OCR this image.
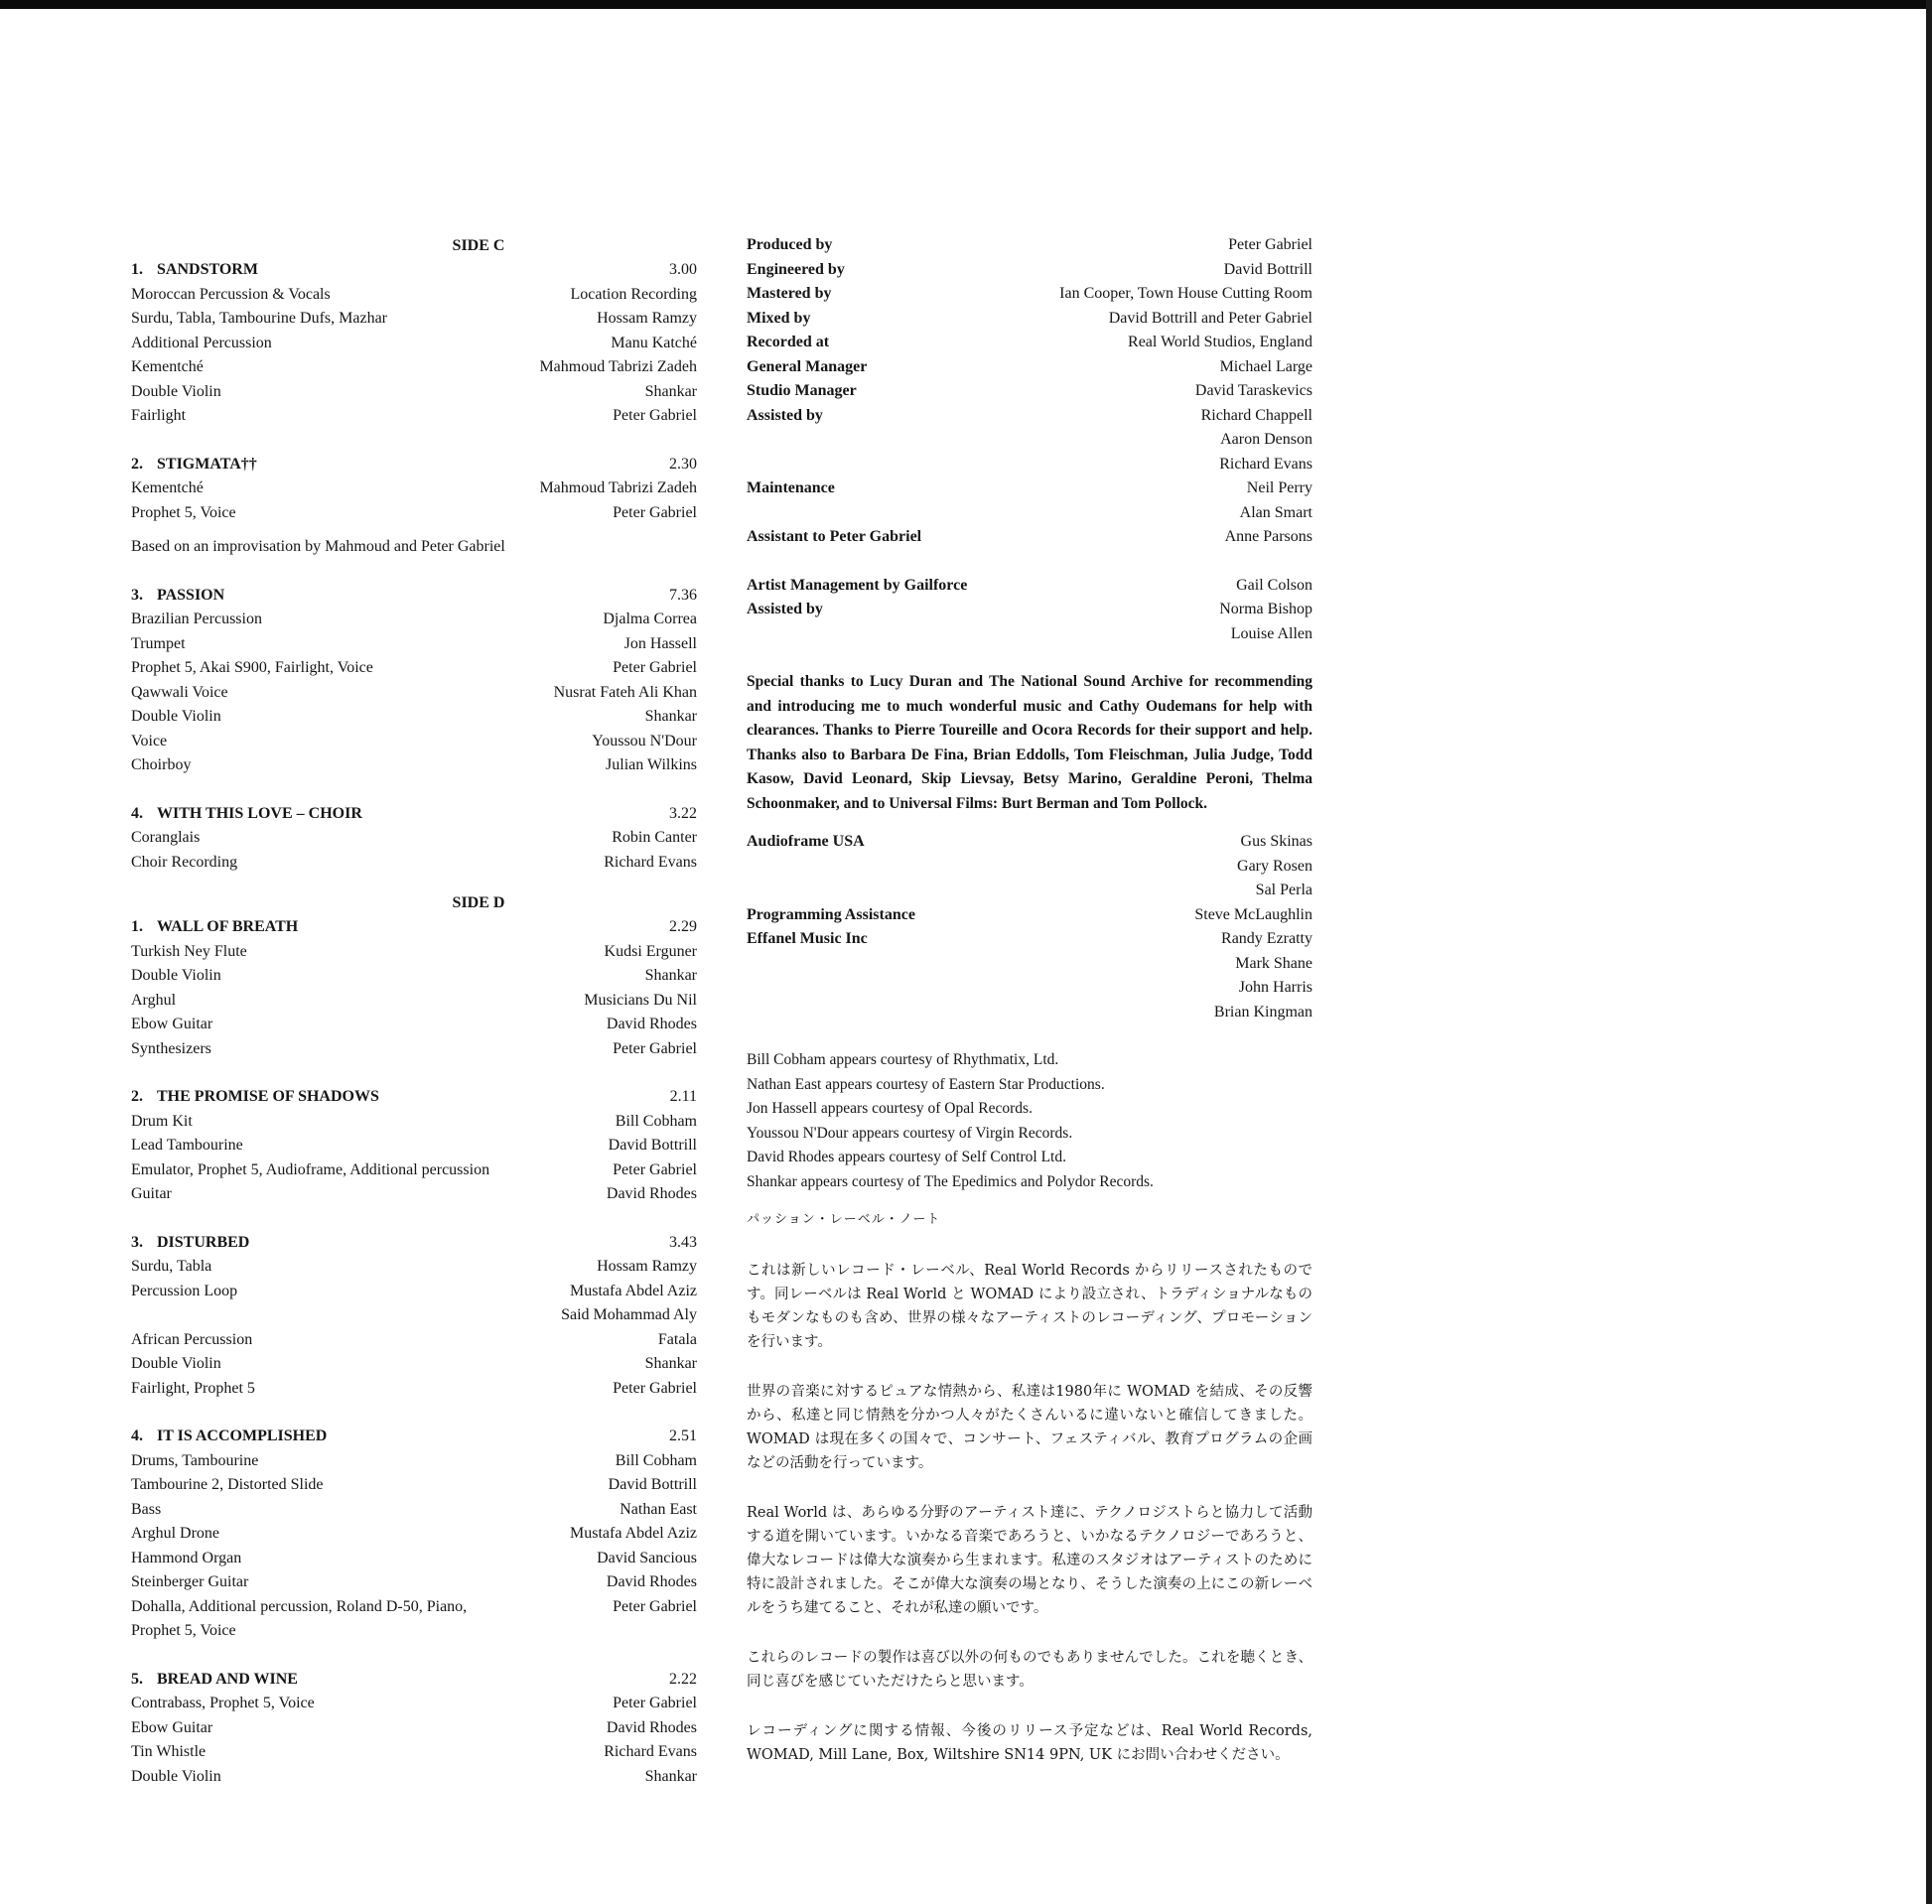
SIDE C
1. SANDSTORM	3.00
Moroccan Percussion & Vocals	Location Recording
Surdu, Tabla, Tambourine Dufs, Mazhar	Hossam Ramzy
Additional Percussion	Manu Katché
Kementché	Mahmoud Tabrizi Zadeh
Double Violin	Shankar
Fairlight	Peter Gabriel
2. STIGMATA††	2.30
Kementché	Mahmoud Tabrizi Zadeh
Prophet 5, Voice	Peter Gabriel
Based on an improvisation by Mahmoud and Peter Gabriel
3. PASSION	7.36
Brazilian Percussion	Djalma Correa
Trumpet	Jon Hassell
Prophet 5, Akai S900, Fairlight, Voice	Peter Gabriel
Qawwali Voice	Nusrat Fateh Ali Khan
Double Violin	Shankar
Voice	Youssou N'Dour
Choirboy	Julian Wilkins
4. WITH THIS LOVE – CHOIR	3.22
Coranglais	Robin Canter
Choir Recording	Richard Evans
SIDE D
1. WALL OF BREATH	2.29
Turkish Ney Flute	Kudsi Erguner
Double Violin	Shankar
Arghul	Musicians Du Nil
Ebow Guitar	David Rhodes
Synthesizers	Peter Gabriel
2. THE PROMISE OF SHADOWS	2.11
Drum Kit	Bill Cobham
Lead Tambourine	David Bottrill
Emulator, Prophet 5, Audioframe, Additional percussion	Peter Gabriel
Guitar	David Rhodes
3. DISTURBED	3.43
Surdu, Tabla	Hossam Ramzy
Percussion Loop	Mustafa Abdel Aziz
Said Mohammad Aly
African Percussion	Fatala
Double Violin	Shankar
Fairlight, Prophet 5	Peter Gabriel
4. IT IS ACCOMPLISHED	2.51
Drums, Tambourine	Bill Cobham
Tambourine 2, Distorted Slide	David Bottrill
Bass	Nathan East
Arghul Drone	Mustafa Abdel Aziz
Hammond Organ	David Sancious
Steinberger Guitar	David Rhodes
Dohalla, Additional percussion, Roland D-50, Piano,	Peter Gabriel
Prophet 5, Voice
5. BREAD AND WINE	2.22
Contrabass, Prophet 5, Voice	Peter Gabriel
Ebow Guitar	David Rhodes
Tin Whistle	Richard Evans
Double Violin	Shankar
Produced by	Peter Gabriel
Engineered by	David Bottrill
Mastered by	Ian Cooper, Town House Cutting Room
Mixed by	David Bottrill and Peter Gabriel
Recorded at	Real World Studios, England
General Manager	Michael Large
Studio Manager	David Taraskevics
Assisted by	Richard Chappell
Aaron Denson
Richard Evans
Maintenance	Neil Perry
Alan Smart
Assistant to Peter Gabriel	Anne Parsons
Artist Management by Gailforce	Gail Colson
Assisted by	Norma Bishop
Louise Allen

Special thanks to Lucy Duran and The National Sound Archive for recommending and introducing me to much wonderful music and Cathy Oudemans for help with clearances. Thanks to Pierre Toureille and Ocora Records for their support and help. Thanks also to Barbara De Fina, Brian Eddolls, Tom Fleischman, Julia Judge, Todd Kasow, David Leonard, Skip Lievsay, Betsy Marino, Geraldine Peroni, Thelma Schoonmaker, and to Universal Films: Burt Berman and Tom Pollock.

Audioframe USA	Gus Skinas
Gary Rosen
Sal Perla
Programming Assistance	Steve McLaughlin
Effanel Music Inc	Randy Ezratty
Mark Shane
John Harris
Brian Kingman
Bill Cobham appears courtesy of Rhythmatix, Ltd.
Nathan East appears courtesy of Eastern Star Productions.
Jon Hassell appears courtesy of Opal Records.
Youssou N'Dour appears courtesy of Virgin Records.
David Rhodes appears courtesy of Self Control Ltd.
Shankar appears courtesy of The Epedimics and Polydor Records.
パッション・レーベル・ノート

これは新しいレコード・レーベル、Real World Records からリリースされたものです。同レーベルは Real World と WOMAD により設立され、トラディショナルなものもモダンなものも含め、世界の様々なアーティストのレコーディング、プロモーションを行います。

世界の音楽に対するピュアな情熱から、私達は1980年に WOMAD を結成、その反響から、私達と同じ情熱を分かつ人々がたくさんいるに違いないと確信してきました。WOMAD は現在多くの国々で、コンサート、フェスティバル、教育プログラムの企画などの活動を行っています。

Real World は、あらゆる分野のアーティスト達に、テクノロジストらと協力して活動する道を開いています。いかなる音楽であろうと、いかなるテクノロジーであろうと、偉大なレコードは偉大な演奏から生まれます。私達のスタジオはアーティストのために特に設計されました。そこが偉大な演奏の場となり、そうした演奏の上にこの新レーベルをうち建てること、それが私達の願いです。

これらのレコードの製作は喜び以外の何ものでもありませんでした。これを聴くとき、同じ喜びを感じていただけたらと思います。

レコーディングに関する情報、今後のリリース予定などは、Real World Records, WOMAD, Mill Lane, Box, Wiltshire SN14 9PN, UK にお問い合わせください。
